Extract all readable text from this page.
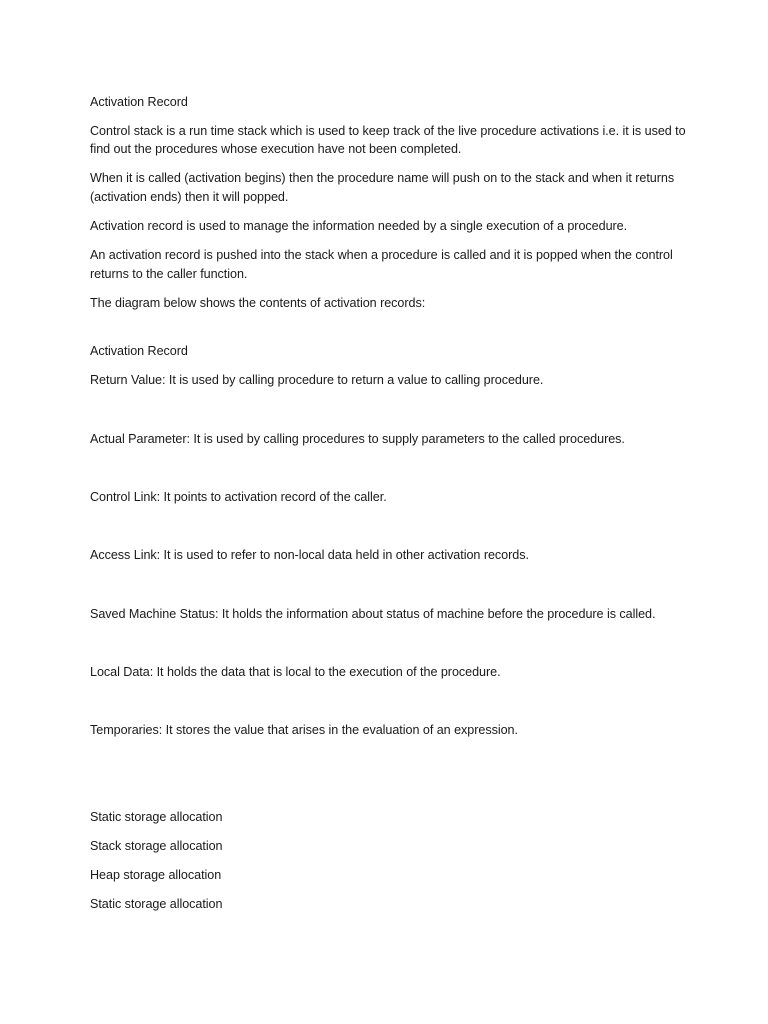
Activation Record

Control stack is a run time stack which is used to keep track of the live procedure activations i.e. it is used to find out the procedures whose execution have not been completed.

When it is called (activation begins) then the procedure name will push on to the stack and when it returns (activation ends) then it will popped.

Activation record is used to manage the information needed by a single execution of a procedure.

An activation record is pushed into the stack when a procedure is called and it is popped when the control returns to the caller function.

The diagram below shows the contents of activation records:

Activation Record

Return Value: It is used by calling procedure to return a value to calling procedure.

Actual Parameter: It is used by calling procedures to supply parameters to the called procedures.

Control Link: It points to activation record of the caller.

Access Link: It is used to refer to non-local data held in other activation records.

Saved Machine Status: It holds the information about status of machine before the procedure is called.

Local Data: It holds the data that is local to the execution of the procedure.

Temporaries: It stores the value that arises in the evaluation of an expression.

Static storage allocation

Stack storage allocation

Heap storage allocation

Static storage allocation
